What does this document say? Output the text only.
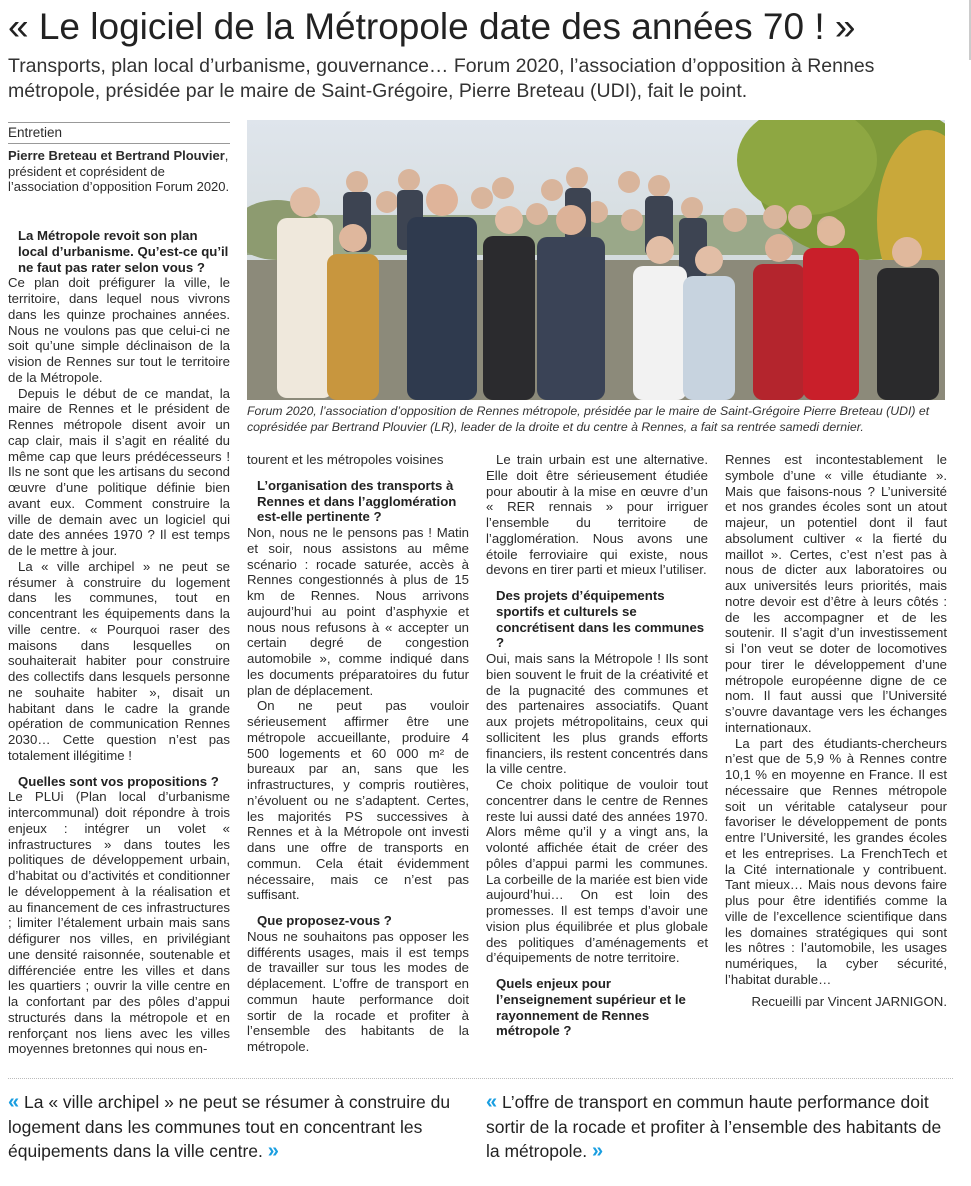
« Le logiciel de la Métropole date des années 70 ! »
Transports, plan local d’urbanisme, gouvernance… Forum 2020, l’association d’opposition à Rennes métropole, présidée par le maire de Saint-Grégoire, Pierre Breteau (UDI), fait le point.
Entretien
Pierre Breteau et Bertrand Plouvier, président et coprésident de l’association d’opposition Forum 2020.

La Métropole revoit son plan local d’urbanisme. Qu’est-ce qu’il ne faut pas rater selon vous ?

Ce plan doit préfigurer la ville, le territoire, dans lequel nous vivrons dans les quinze prochaines années. Nous ne voulons pas que celui-ci ne soit qu’une simple déclinaison de la vision de Rennes sur tout le territoire de la Métropole.

Depuis le début de ce mandat, la maire de Rennes et le président de Rennes métropole disent avoir un cap clair, mais il s’agit en réalité du même cap que leurs prédécesseurs ! Ils ne sont que les artisans du second œuvre d’une politique définie bien avant eux. Comment construire la ville de demain avec un logiciel qui date des années 1970 ? Il est temps de le mettre à jour.

La « ville archipel » ne peut se résumer à construire du logement dans les communes, tout en concentrant les équipements dans la ville centre. « Pourquoi raser des maisons dans lesquelles on souhaiterait habiter pour construire des collectifs dans lesquels personne ne souhaite habiter », disait un habitant dans le cadre la grande opération de communication Rennes 2030… Cette question n’est pas totalement illégitime !

Quelles sont vos propositions ?

Le PLUi (Plan local d’urbanisme intercommunal) doit répondre à trois enjeux : intégrer un volet « infrastructures » dans toutes les politiques de développement urbain, d’habitat ou d’activités et conditionner le développement à la réalisation et au financement de ces infrastructures ; limiter l’étalement urbain mais sans défigurer nos villes, en privilégiant une densité raisonnée, soutenable et différenciée entre les villes et dans les quartiers ; ouvrir la ville centre en la confortant par des pôles d’appui structurés dans la métropole et en renforçant nos liens avec les villes moyennes bretonnes qui nous en-

Forum 2020, l’association d’opposition de Rennes métropole, présidée par le maire de Saint-Grégoire Pierre Breteau (UDI) et coprésidée par Bertrand Plouvier (LR), leader de la droite et du centre à Rennes, a fait sa rentrée samedi dernier.

tourent et les métropoles voisines

L’organisation des transports à Rennes et dans l’agglomération est-elle pertinente ?

Non, nous ne le pensons pas ! Matin et soir, nous assistons au même scénario : rocade saturée, accès à Rennes congestionnés à plus de 15 km de Rennes. Nous arrivons aujourd’hui au point d’asphyxie et nous nous refusons à « accepter un certain degré de congestion automobile », comme indiqué dans les documents préparatoires du futur plan de déplacement.

On ne peut pas vouloir sérieusement affirmer être une métropole accueillante, produire 4 500 logements et 60 000 m² de bureaux par an, sans que les infrastructures, y compris routières, n’évoluent ou ne s’adaptent. Certes, les majorités PS successives à Rennes et à la Métropole ont investi dans une offre de transports en commun. Cela était évidemment nécessaire, mais ce n’est pas suffisant.

Que proposez-vous ?

Nous ne souhaitons pas opposer les différents usages, mais il est temps de travailler sur tous les modes de déplacement. L’offre de transport en commun haute performance doit sortir de la rocade et profiter à l’ensemble des habitants de la métropole.

Le train urbain est une alternative. Elle doit être sérieusement étudiée pour aboutir à la mise en œuvre d’un « RER rennais » pour irriguer l’ensemble du territoire de l’agglomération. Nous avons une étoile ferroviaire qui existe, nous devons en tirer parti et mieux l’utiliser.

Des projets d’équipements sportifs et culturels se concrétisent dans les communes ?

Oui, mais sans la Métropole ! Ils sont bien souvent le fruit de la créativité et de la pugnacité des communes et des partenaires associatifs. Quant aux projets métropolitains, ceux qui sollicitent les plus grands efforts financiers, ils restent concentrés dans la ville centre.

Ce choix politique de vouloir tout concentrer dans le centre de Rennes reste lui aussi daté des années 1970. Alors même qu’il y a vingt ans, la volonté affichée était de créer des pôles d’appui parmi les communes. La corbeille de la mariée est bien vide aujourd’hui… On est loin des promesses. Il est temps d’avoir une vision plus équilibrée et plus globale des politiques d’aménagements et d’équipements de notre territoire.

Quels enjeux pour l’enseignement supérieur et le rayonnement de Rennes métropole ?

Rennes est incontestablement le symbole d’une « ville étudiante ». Mais que faisons-nous ? L’université et nos grandes écoles sont un atout majeur, un potentiel dont il faut absolument cultiver « la fierté du maillot ». Certes, c’est n’est pas à nous de dicter aux laboratoires ou aux universités leurs priorités, mais notre devoir est d’être à leurs côtés : de les accompagner et de les soutenir. Il s’agit d’un investissement si l’on veut se doter de locomotives pour tirer le développement d’une métropole européenne digne de ce nom. Il faut aussi que l’Université s’ouvre davantage vers les échanges internationaux.

La part des étudiants-chercheurs n’est que de 5,9 % à Rennes contre 10,1 % en moyenne en France. Il est nécessaire que Rennes métropole soit un véritable catalyseur pour favoriser le développement de ponts entre l’Université, les grandes écoles et les entreprises. La FrenchTech et la Cité internationale y contribuent. Tant mieux… Mais nous devons faire plus pour être identifiés comme la ville de l’excellence scientifique dans les domaines stratégiques qui sont les nôtres : l’automobile, les usages numériques, la cyber sécurité, l’habitat durable…

Recueilli par Vincent JARNIGON.

« La « ville archipel » ne peut se résumer à construire du logement dans les communes tout en concentrant les équipements dans la ville centre. »
« L’offre de transport en commun haute performance doit sortir de la rocade et profiter à l’ensemble des habitants de la métropole. »
